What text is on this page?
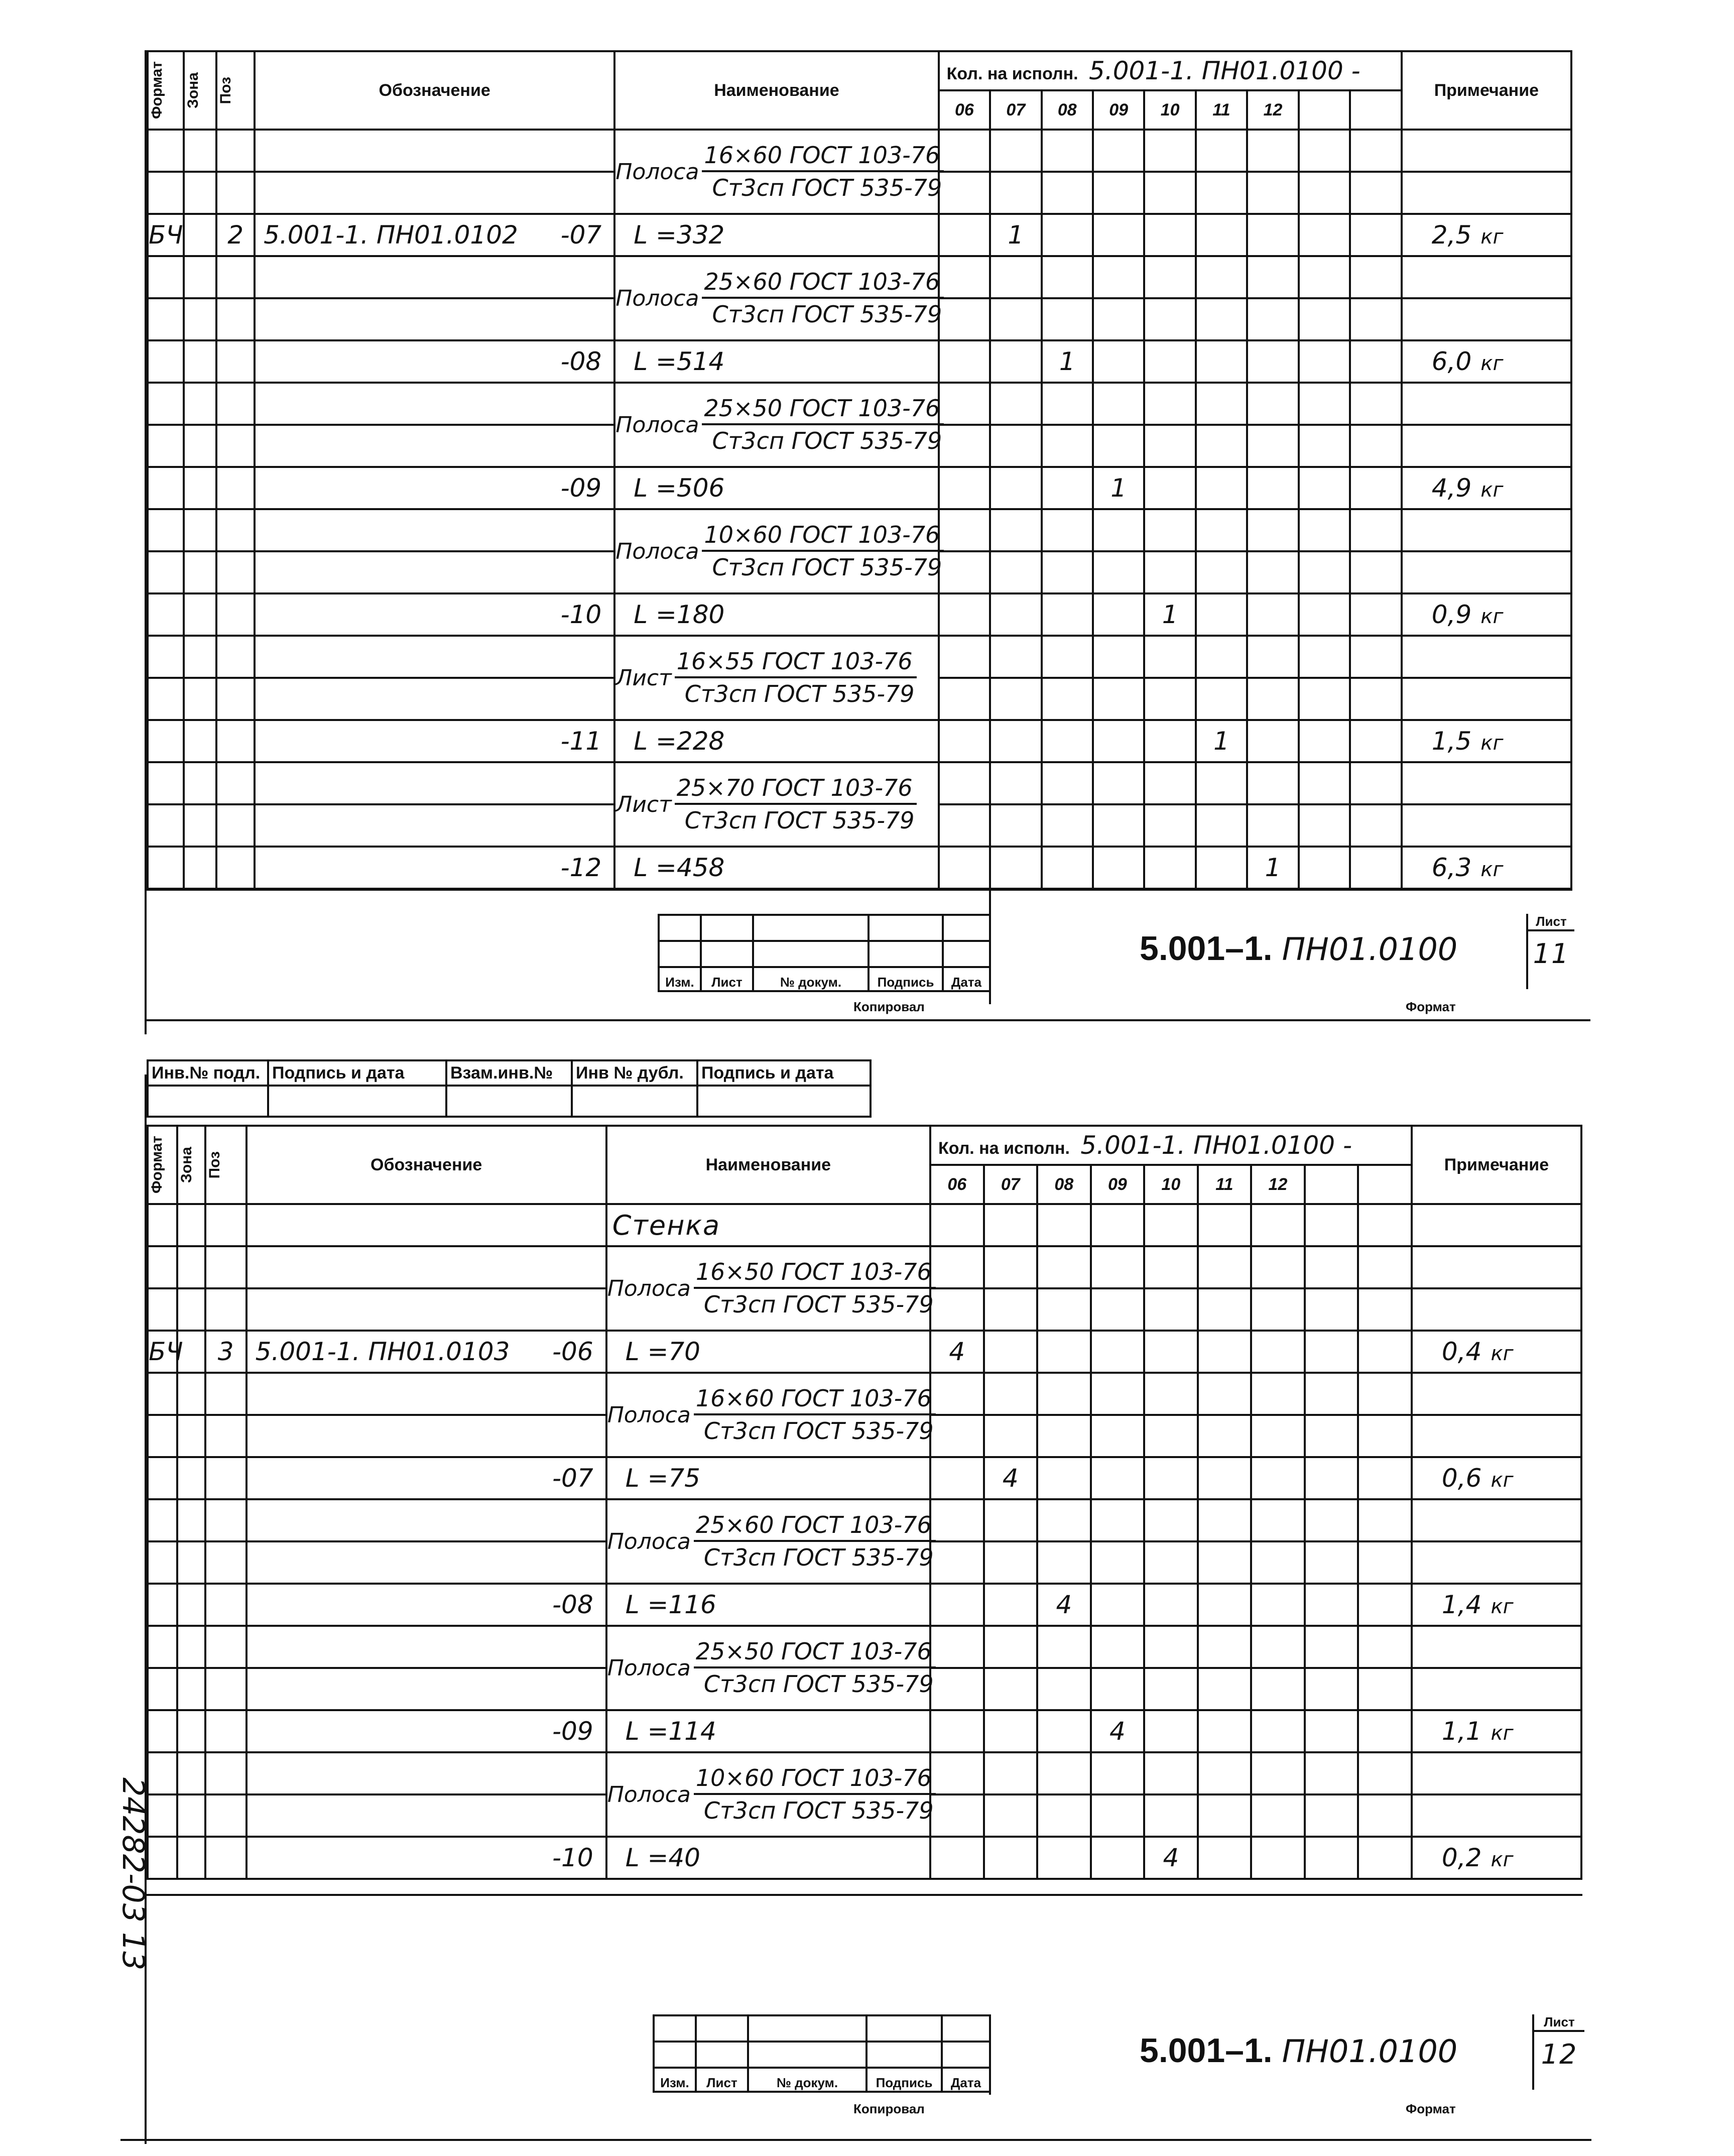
Формат	Зона	Поз	Обозначение	Наименование	Кол. на исполн. 5.001-1. ПН01.0100 -									Примечание
					06	07	08	09	10	11	12			

				Полоса $\frac{\text{16×60 ГОСТ 103-76}}{\text{Ст3сп ГОСТ 535-79}}$

БЧ		2	5.001-1. ПН01.0102 -07	L =332		1								2,5 кг

				Полоса $\frac{\text{25×60 ГОСТ 103-76}}{\text{Ст3сп ГОСТ 535-79}}$

			-08	L =514			1							6,0 кг

				Полоса $\frac{\text{25×50 ГОСТ 103-76}}{\text{Ст3сп ГОСТ 535-79}}$

			-09	L =506				1						4,9 кг

				Полоса $\frac{\text{10×60 ГОСТ 103-76}}{\text{Ст3сп ГОСТ 535-79}}$

			-10	L =180					1					0,9 кг

				Лист $\frac{\text{16×55 ГОСТ 103-76}}{\text{Ст3сп ГОСТ 535-79}}$

			-11	L =228						1				1,5 кг

				Лист $\frac{\text{25×70 ГОСТ 103-76}}{\text{Ст3сп ГОСТ 535-79}}$

			-12	L =458							1			6,3 кг

Изм.	Лист	№ докум.	Подпись	Дата
5.001–1. ПН01.0100
Лист
11
Копировал	Формат
Инв.№ подл.	Подпись и дата	Взам.инв.№	Инв № дубл.	Подпись и дата

Формат	Зона	Поз	Обозначение	Наименование	Кол. на исполн. 5.001-1. ПН01.0100 -									Примечание
					06	07	08	09	10	11	12			
				Стенка										

				Полоса $\frac{\text{16×50 ГОСТ 103-76}}{\text{Ст3сп ГОСТ 535-79}}$

БЧ		3	5.001-1. ПН01.0103 -06	L =70	4									0,4 кг

				Полоса $\frac{\text{16×60 ГОСТ 103-76}}{\text{Ст3сп ГОСТ 535-79}}$

			-07	L =75		4								0,6 кг

				Полоса $\frac{\text{25×60 ГОСТ 103-76}}{\text{Ст3сп ГОСТ 535-79}}$

			-08	L =116			4							1,4 кг

				Полоса $\frac{\text{25×50 ГОСТ 103-76}}{\text{Ст3сп ГОСТ 535-79}}$

			-09	L =114				4						1,1 кг

				Полоса $\frac{\text{10×60 ГОСТ 103-76}}{\text{Ст3сп ГОСТ 535-79}}$

			-10	L =40					4					0,2 кг

Изм.	Лист	№ докум.	Подпись	Дата
5.001–1. ПН01.0100
Лист
12
Копировал	Формат
24282-03 13
